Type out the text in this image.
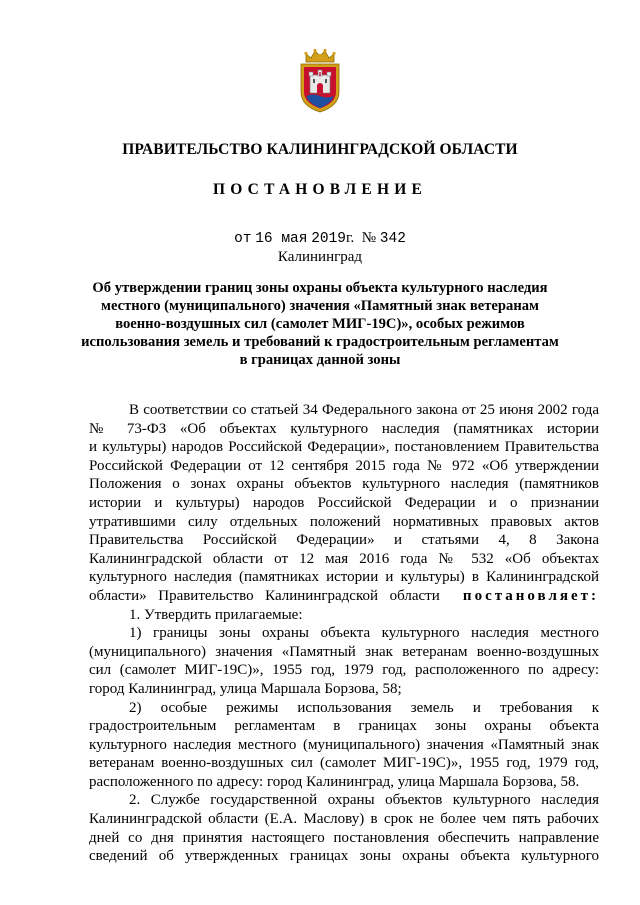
ПРАВИТЕЛЬСТВО КАЛИНИНГРАДСКОЙ ОБЛАСТИ
ПОСТАНОВЛЕНИЕ
от 16 мая 2019г. № 342
Калининград
Об утверждении границ зоны охраны объекта культурного наследия
местного (муниципального) значения «Памятный знак ветеранам
военно-воздушных сил (самолет МИГ-19С)», особых режимов
использования земель и требований к градостроительным регламентам
в границах данной зоны
В соответствии со статьей 34 Федерального закона от 25 июня 2002 года
№ 73-ФЗ «Об объектах культурного наследия (памятниках истории
и культуры) народов Российской Федерации», постановлением Правительства
Российской Федерации от 12 сентября 2015 года № 972 «Об утверждении
Положения о зонах охраны объектов культурного наследия (памятников
истории и культуры) народов Российской Федерации и о признании
утратившими силу отдельных положений нормативных правовых актов
Правительства Российской Федерации» и статьями 4, 8 Закона
Калининградской области от 12 мая 2016 года № 532 «Об объектах
культурного наследия (памятниках истории и культуры) в Калининградской
области» Правительство Калининградской области постановляет:
1. Утвердить прилагаемые:
1) границы зоны охраны объекта культурного наследия местного
(муниципального) значения «Памятный знак ветеранам военно-воздушных
сил (самолет МИГ-19С)», 1955 год, 1979 год, расположенного по адресу:
город Калининград, улица Маршала Борзова, 58;
2) особые режимы использования земель и требования к
градостроительным регламентам в границах зоны охраны объекта
культурного наследия местного (муниципального) значения «Памятный знак
ветеранам военно-воздушных сил (самолет МИГ-19С)», 1955 год, 1979 год,
расположенного по адресу: город Калининград, улица Маршала Борзова, 58.
2. Службе государственной охраны объектов культурного наследия
Калининградской области (Е.А. Маслову) в срок не более чем пять рабочих
дней со дня принятия настоящего постановления обеспечить направление
сведений об утвержденных границах зоны охраны объекта культурного
